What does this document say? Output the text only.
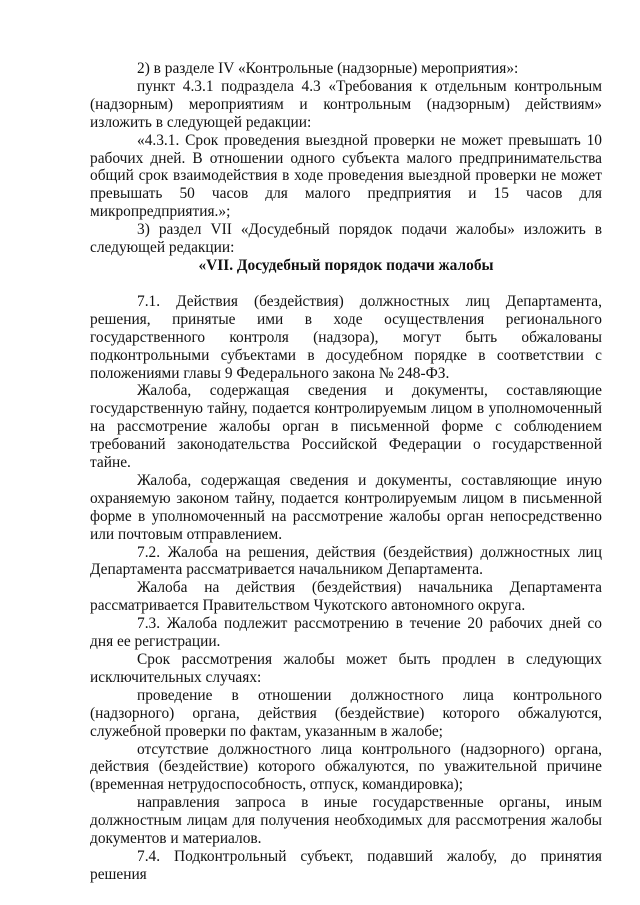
2) в разделе IV «Контрольные (надзорные) мероприятия»:

пункт 4.3.1 подраздела 4.3 «Требования к отдельным контрольным (надзорным) мероприятиям и контрольным (надзорным) действиям» изложить в следующей редакции:

«4.3.1. Срок проведения выездной проверки не может превышать 10 рабочих дней. В отношении одного субъекта малого предпринимательства общий срок взаимодействия в ходе проведения выездной проверки не может превышать 50 часов для малого предприятия и 15 часов для микропредприятия.»;

3) раздел VII «Досудебный порядок подачи жалобы» изложить в следующей редакции:

«VII. Досудебный порядок подачи жалобы

7.1. Действия (бездействия) должностных лиц Департамента, решения, принятые ими в ходе осуществления регионального государственного контроля (надзора), могут быть обжалованы подконтрольными субъектами в досудебном порядке в соответствии с положениями главы 9 Федерального закона № 248-ФЗ.

Жалоба, содержащая сведения и документы, составляющие государственную тайну, подается контролируемым лицом в уполномоченный на рассмотрение жалобы орган в письменной форме с соблюдением требований законодательства Российской Федерации о государственной тайне.

Жалоба, содержащая сведения и документы, составляющие иную охраняемую законом тайну, подается контролируемым лицом в письменной форме в уполномоченный на рассмотрение жалобы орган непосредственно или почтовым отправлением.

7.2. Жалоба на решения, действия (бездействия) должностных лиц Департамента рассматривается начальником Департамента.

Жалоба на действия (бездействия) начальника Департамента рассматривается Правительством Чукотского автономного округа.

7.3. Жалоба подлежит рассмотрению в течение 20 рабочих дней со дня ее регистрации.

Срок рассмотрения жалобы может быть продлен в следующих исключительных случаях:

проведение в отношении должностного лица контрольного (надзорного) органа, действия (бездействие) которого обжалуются, служебной проверки по фактам, указанным в жалобе;

отсутствие должностного лица контрольного (надзорного) органа, действия (бездействие) которого обжалуются, по уважительной причине (временная нетрудоспособность, отпуск, командировка);

направления запроса в иные государственные органы, иным должностным лицам для получения необходимых для рассмотрения жалобы документов и материалов.

7.4. Подконтрольный субъект, подавший жалобу, до принятия решения
